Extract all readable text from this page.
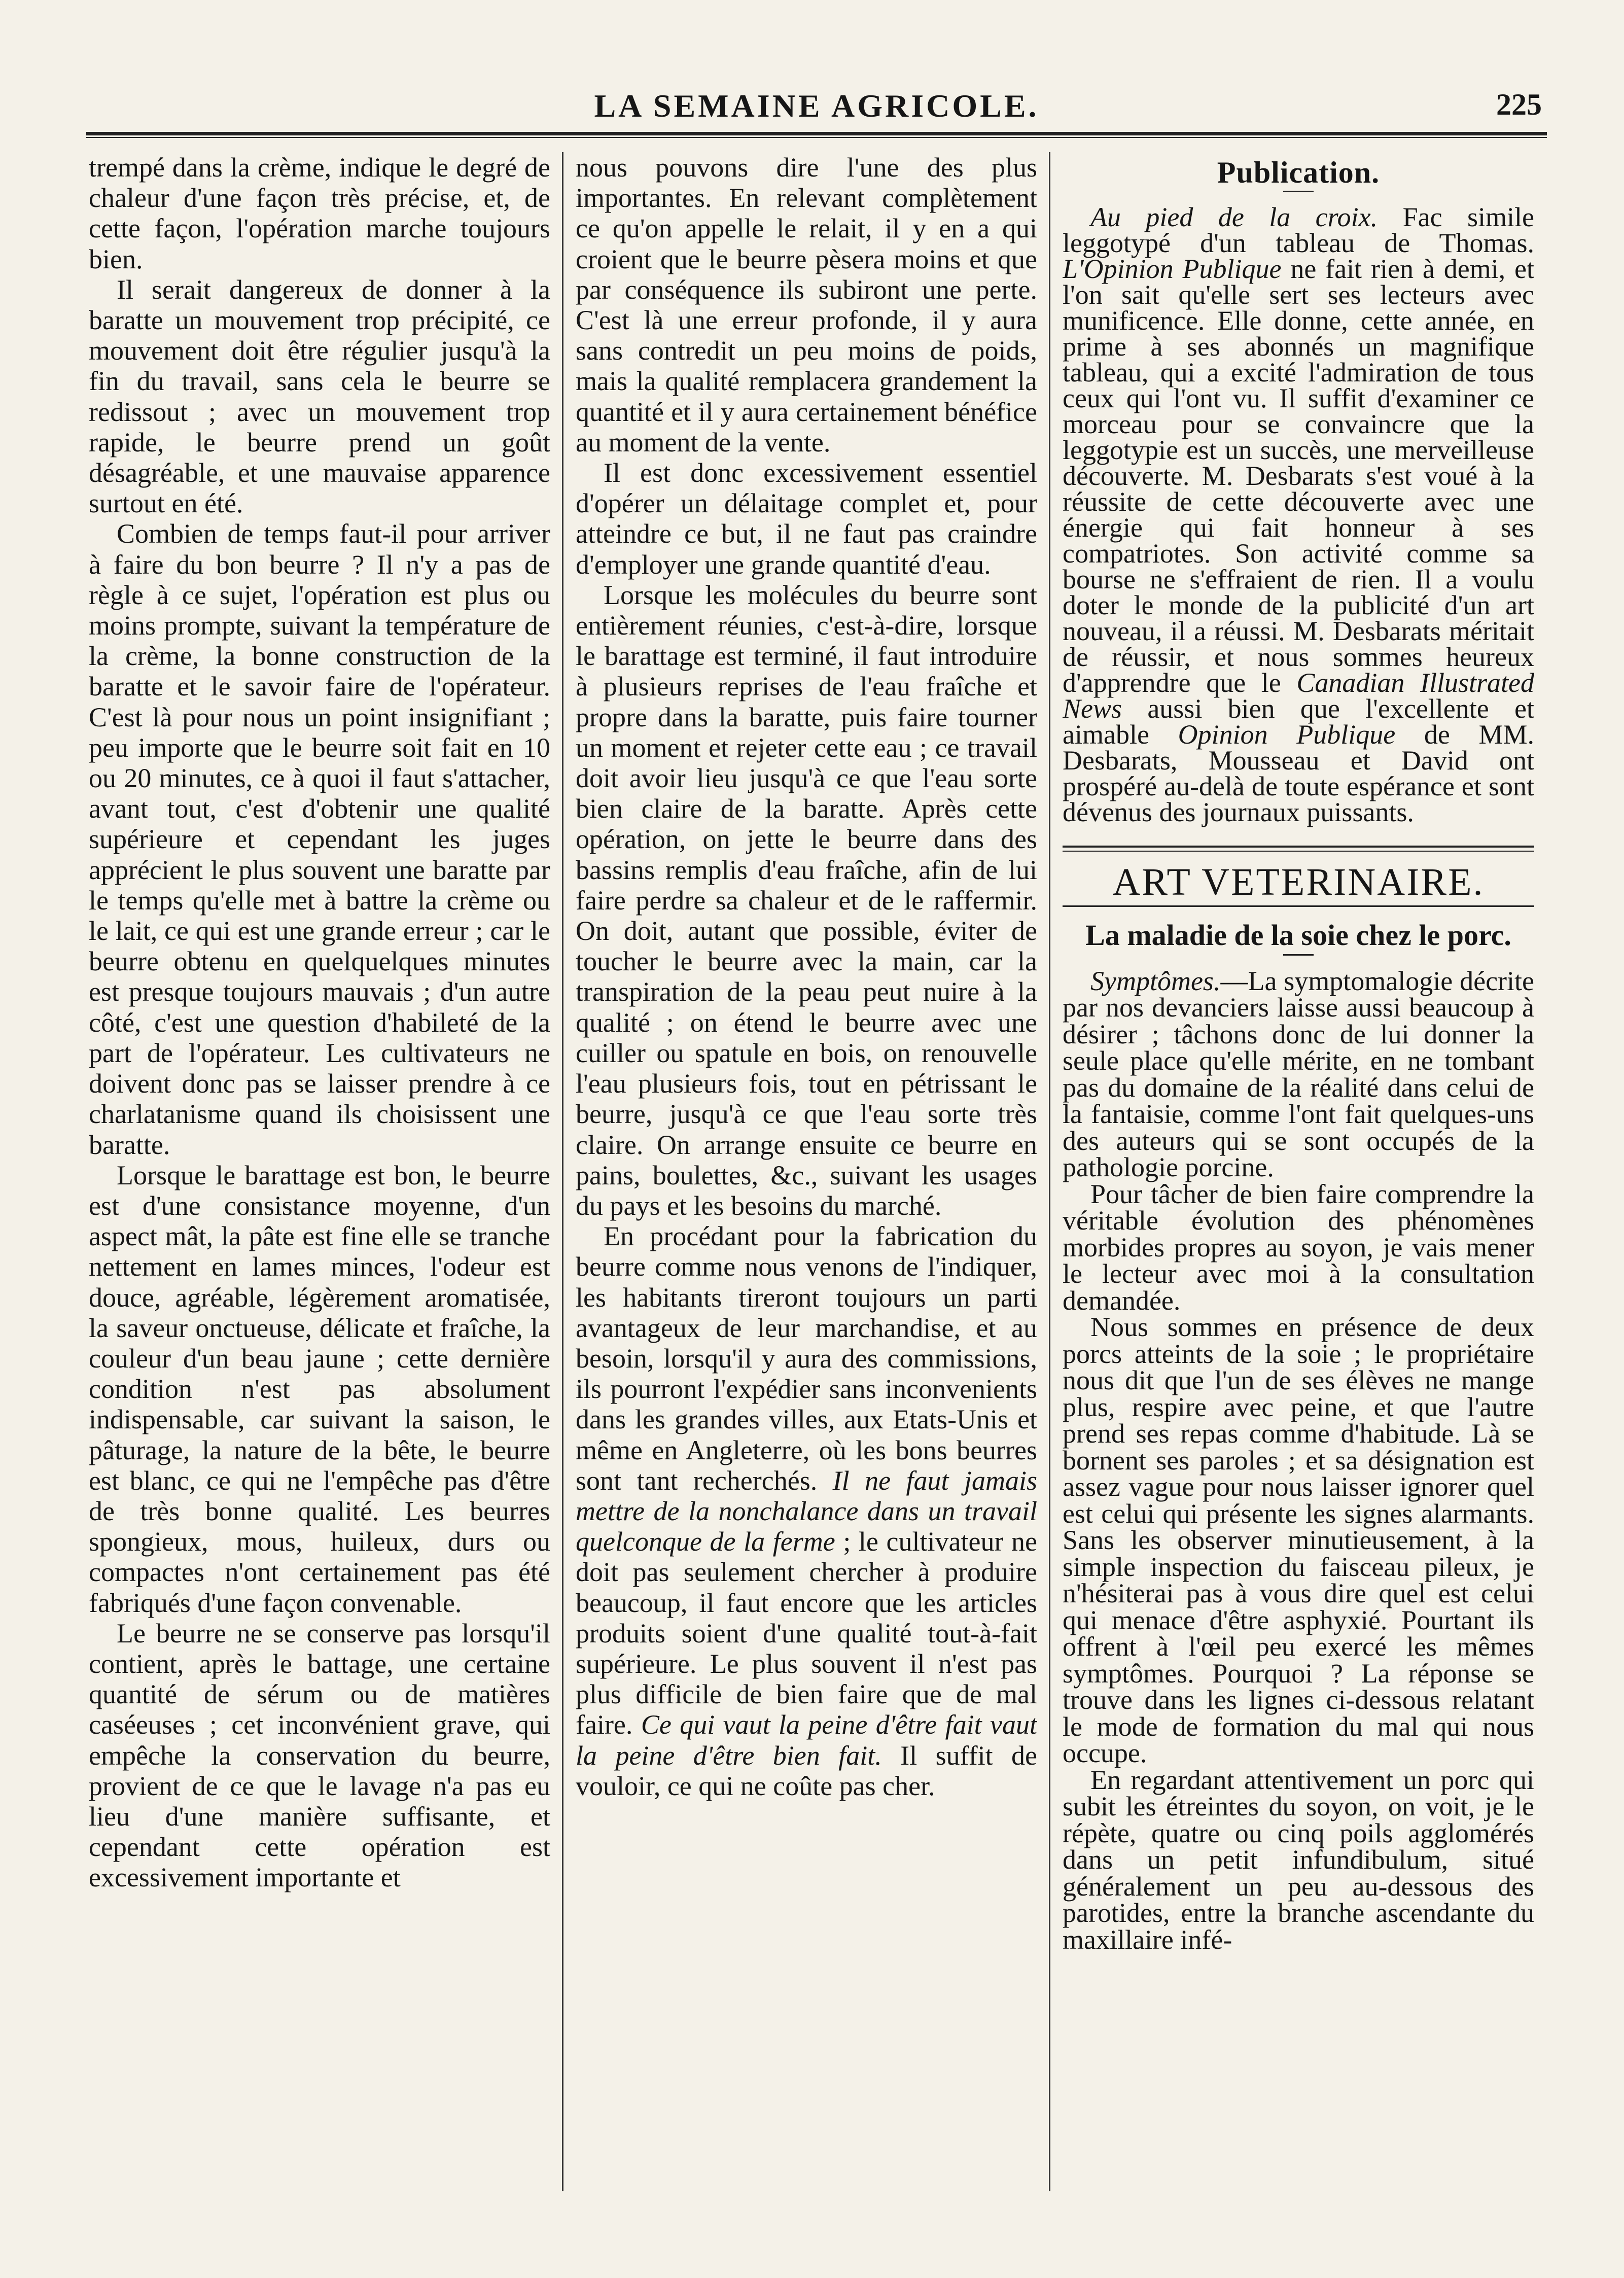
LA SEMAINE AGRICOLE.	225

trempé dans la crème, indique le degré de chaleur d'une façon très précise, et, de cette façon, l'opération marche toujours bien.

Il serait dangereux de donner à la baratte un mouvement trop précipité, ce mouvement doit être régulier jusqu'à la fin du travail, sans cela le beurre se redissout ; avec un mouvement trop rapide, le beurre prend un goût désagréable, et une mauvaise apparence surtout en été.

Combien de temps faut-il pour arriver à faire du bon beurre ? Il n'y a pas de règle à ce sujet, l'opération est plus ou moins prompte, suivant la température de la crème, la bonne construction de la baratte et le savoir faire de l'opérateur. C'est là pour nous un point insignifiant ; peu importe que le beurre soit fait en 10 ou 20 minutes, ce à quoi il faut s'attacher, avant tout, c'est d'obtenir une qualité supérieure et cependant les juges apprécient le plus souvent une baratte par le temps qu'elle met à battre la crème ou le lait, ce qui est une grande erreur ; car le beurre obtenu en quelquelques minutes est presque toujours mauvais ; d'un autre côté, c'est une question d'habileté de la part de l'opérateur. Les cultivateurs ne doivent donc pas se laisser prendre à ce charlatanisme quand ils choisissent une baratte.

Lorsque le barattage est bon, le beurre est d'une consistance moyenne, d'un aspect mât, la pâte est fine elle se tranche nettement en lames minces, l'odeur est douce, agréable, légèrement aromatisée, la saveur onctueuse, délicate et fraîche, la couleur d'un beau jaune ; cette dernière condition n'est pas absolument indispensable, car suivant la saison, le pâturage, la nature de la bête, le beurre est blanc, ce qui ne l'empêche pas d'être de très bonne qualité. Les beurres spongieux, mous, huileux, durs ou compactes n'ont certainement pas été fabriqués d'une façon convenable.

Le beurre ne se conserve pas lorsqu'il contient, après le battage, une certaine quantité de sérum ou de matières caséeuses ; cet inconvénient grave, qui empêche la conservation du beurre, provient de ce que le lavage n'a pas eu lieu d'une manière suffisante, et cependant cette opération est excessivement importante et

nous pouvons dire l'une des plus importantes. En relevant complètement ce qu'on appelle le relait, il y en a qui croient que le beurre pèsera moins et que par conséquence ils subiront une perte. C'est là une erreur profonde, il y aura sans contredit un peu moins de poids, mais la qualité remplacera grandement la quantité et il y aura certainement bénéfice au moment de la vente.

Il est donc excessivement essentiel d'opérer un délaitage complet et, pour atteindre ce but, il ne faut pas craindre d'employer une grande quantité d'eau.

Lorsque les molécules du beurre sont entièrement réunies, c'est-à-dire, lorsque le barattage est terminé, il faut introduire à plusieurs reprises de l'eau fraîche et propre dans la baratte, puis faire tourner un moment et rejeter cette eau ; ce travail doit avoir lieu jusqu'à ce que l'eau sorte bien claire de la baratte. Après cette opération, on jette le beurre dans des bassins remplis d'eau fraîche, afin de lui faire perdre sa chaleur et de le raffermir. On doit, autant que possible, éviter de toucher le beurre avec la main, car la transpiration de la peau peut nuire à la qualité ; on étend le beurre avec une cuiller ou spatule en bois, on renouvelle l'eau plusieurs fois, tout en pétrissant le beurre, jusqu'à ce que l'eau sorte très claire. On arrange ensuite ce beurre en pains, boulettes, &c., suivant les usages du pays et les besoins du marché.

En procédant pour la fabrication du beurre comme nous venons de l'indiquer, les habitants tireront toujours un parti avantageux de leur marchandise, et au besoin, lorsqu'il y aura des commissions, ils pourront l'expédier sans inconvenients dans les grandes villes, aux Etats-Unis et même en Angleterre, où les bons beurres sont tant recherchés. Il ne faut jamais mettre de la nonchalance dans un travail quelconque de la ferme ; le cultivateur ne doit pas seulement chercher à produire beaucoup, il faut encore que les articles produits soient d'une qualité tout-à-fait supérieure. Le plus souvent il n'est pas plus difficile de bien faire que de mal faire. Ce qui vaut la peine d'être fait vaut la peine d'être bien fait. Il suffit de vouloir, ce qui ne coûte pas cher.

Publication.

Au pied de la croix. Fac simile leggotypé d'un tableau de Thomas. L'Opinion Publique ne fait rien à demi, et l'on sait qu'elle sert ses lecteurs avec munificence. Elle donne, cette année, en prime à ses abonnés un magnifique tableau, qui a excité l'admiration de tous ceux qui l'ont vu. Il suffit d'examiner ce morceau pour se convaincre que la leggotypie est un succès, une merveilleuse découverte. M. Desbarats s'est voué à la réussite de cette découverte avec une énergie qui fait honneur à ses compatriotes. Son activité comme sa bourse ne s'effraient de rien. Il a voulu doter le monde de la publicité d'un art nouveau, il a réussi. M. Desbarats méritait de réussir, et nous sommes heureux d'apprendre que le Canadian Illustrated News aussi bien que l'excellente et aimable Opinion Publique de MM. Desbarats, Mousseau et David ont prospéré au-delà de toute espérance et sont dévenus des journaux puissants.

ART VETERINAIRE.
La maladie de la soie chez le porc.

Symptômes.—La symptomalogie décrite par nos devanciers laisse aussi beaucoup à désirer ; tâchons donc de lui donner la seule place qu'elle mérite, en ne tombant pas du domaine de la réalité dans celui de la fantaisie, comme l'ont fait quelques-uns des auteurs qui se sont occupés de la pathologie porcine.

Pour tâcher de bien faire comprendre la véritable évolution des phénomènes morbides propres au soyon, je vais mener le lecteur avec moi à la consultation demandée.

Nous sommes en présence de deux porcs atteints de la soie ; le propriétaire nous dit que l'un de ses élèves ne mange plus, respire avec peine, et que l'autre prend ses repas comme d'habitude. Là se bornent ses paroles ; et sa désignation est assez vague pour nous laisser ignorer quel est celui qui présente les signes alarmants. Sans les observer minutieusement, à la simple inspection du faisceau pileux, je n'hésiterai pas à vous dire quel est celui qui menace d'être asphyxié. Pourtant ils offrent à l'œil peu exercé les mêmes symptômes. Pourquoi ? La réponse se trouve dans les lignes ci-dessous relatant le mode de formation du mal qui nous occupe.

En regardant attentivement un porc qui subit les étreintes du soyon, on voit, je le répète, quatre ou cinq poils agglomérés dans un petit infundibulum, situé généralement un peu au-dessous des parotides, entre la branche ascendante du maxillaire infé-
